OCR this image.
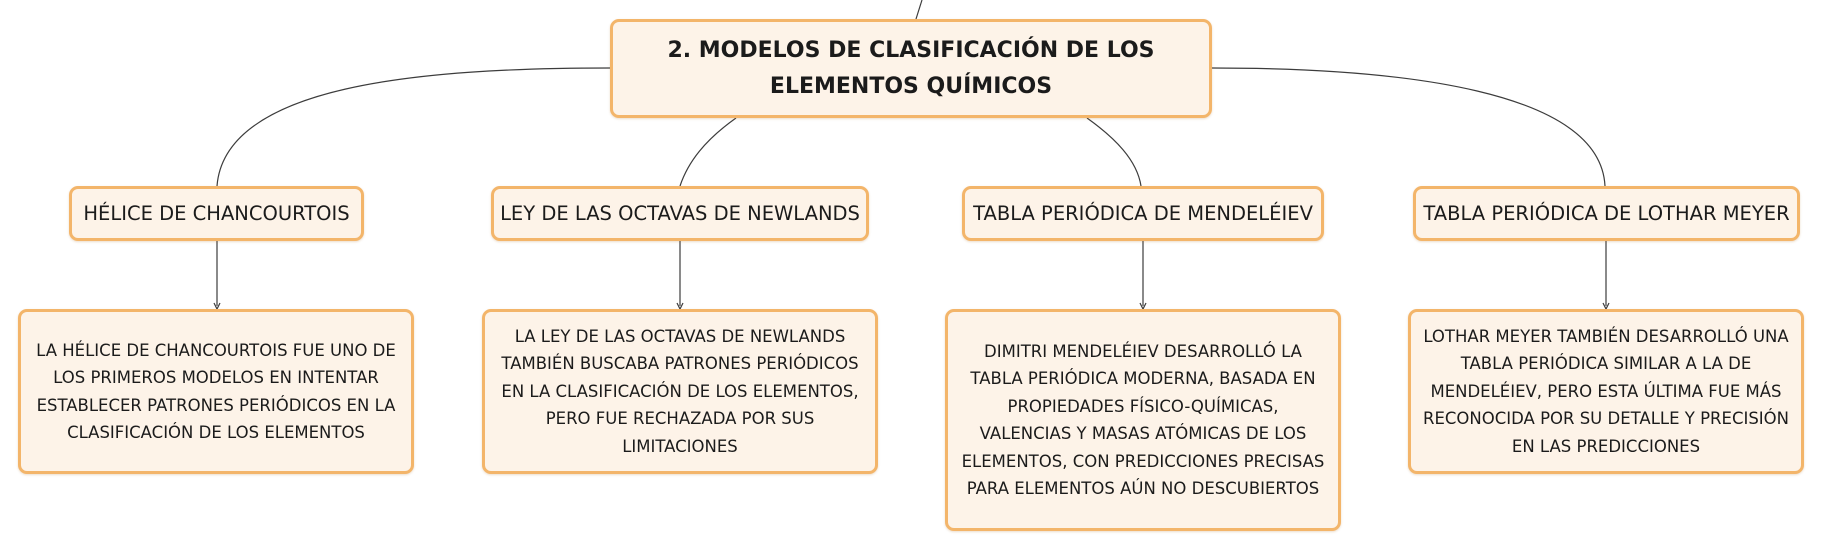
2. MODELOS DE CLASIFICACIÓN DE LOS ELEMENTOS QUÍMICOS
HÉLICE DE CHANCOURTOIS	LEY DE LAS OCTAVAS DE NEWLANDS	TABLA PERIÓDICA DE MENDELÉIEV	TABLA PERIÓDICA DE LOTHAR MEYER
LA HÉLICE DE CHANCOURTOIS FUE UNO DE LOS PRIMEROS MODELOS EN INTENTAR ESTABLECER PATRONES PERIÓDICOS EN LA CLASIFICACIÓN DE LOS ELEMENTOS
LA LEY DE LAS OCTAVAS DE NEWLANDS TAMBIÉN BUSCABA PATRONES PERIÓDICOS EN LA CLASIFICACIÓN DE LOS ELEMENTOS, PERO FUE RECHAZADA POR SUS LIMITACIONES
DIMITRI MENDELÉIEV DESARROLLÓ LA TABLA PERIÓDICA MODERNA, BASADA EN PROPIEDADES FÍSICO-QUÍMICAS, VALENCIAS Y MASAS ATÓMICAS DE LOS ELEMENTOS, CON PREDICCIONES PRECISAS PARA ELEMENTOS AÚN NO DESCUBIERTOS
LOTHAR MEYER TAMBIÉN DESARROLLÓ UNA TABLA PERIÓDICA SIMILAR A LA DE MENDELÉIEV, PERO ESTA ÚLTIMA FUE MÁS RECONOCIDA POR SU DETALLE Y PRECISIÓN EN LAS PREDICCIONES
